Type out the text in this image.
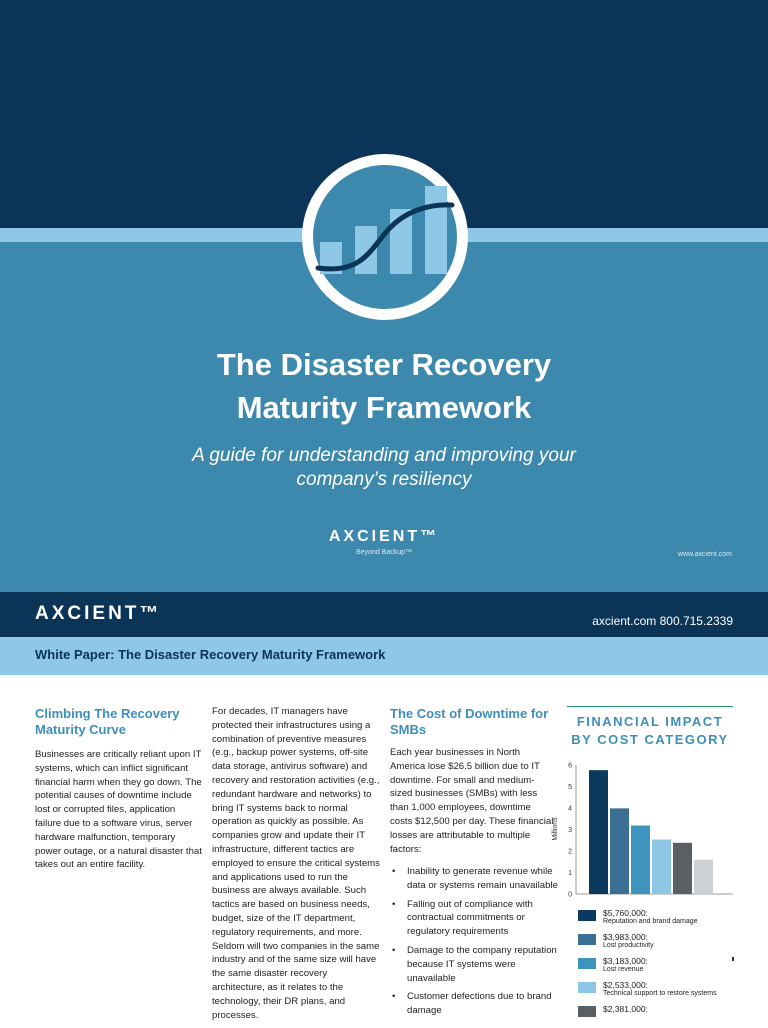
The Disaster Recovery
Maturity Framework
A guide for understanding and improving your
company’s resiliency
AXCIENT™
Beyond Backup™	www.axcient.com
AXCIENT™	axcient.com 800.715.2339
White Paper: The Disaster Recovery Maturity Framework
Climbing The Recovery Maturity Curve
Businesses are critically reliant upon IT systems, which can inflict significant financial harm when they go down. The potential causes of downtime include lost or corrupted files, application failure due to a software virus, server hardware malfunction, temporary power outage, or a natural disaster that takes out an entire facility.
For decades, IT managers have protected their infrastructures using a combination of preventive measures (e.g., backup power systems, off-site data storage, antivirus software) and recovery and restoration activities (e.g., redundant hardware and networks) to bring IT systems back to normal operation as quickly as possible. As companies grow and update their IT infrastructure, different tactics are employed to ensure the critical systems and applications used to run the business are always available. Such tactics are based on business needs, budget, size of the IT department, regulatory requirements, and more. Seldom will two companies in the same industry and of the same size will have the same disaster recovery architecture, as it relates to the technology, their DR plans, and processes.
The Cost of Downtime for SMBs
Each year businesses in North America lose $26.5 billion due to IT downtime. For small and medium-sized businesses (SMBs) with less than 1,000 employees, downtime costs $12,500 per day. These financial losses are attributable to multiple factors:
• Inability to generate revenue while data or systems remain unavailable
• Falling out of compliance with contractual commitments or regulatory requirements
• Damage to the company reputation because IT systems were unavailable
• Customer defections due to brand damage
FINANCIAL IMPACT BY COST CATEGORY
Millions
0
1
2
3
4
5
6
$5,760,000:
Reputation and brand damage
$3,983,000:
Lost productivity
$3,183,000:
Lost revenue
$2,533,000:
Technical support to restore systems
$2,381,000:
